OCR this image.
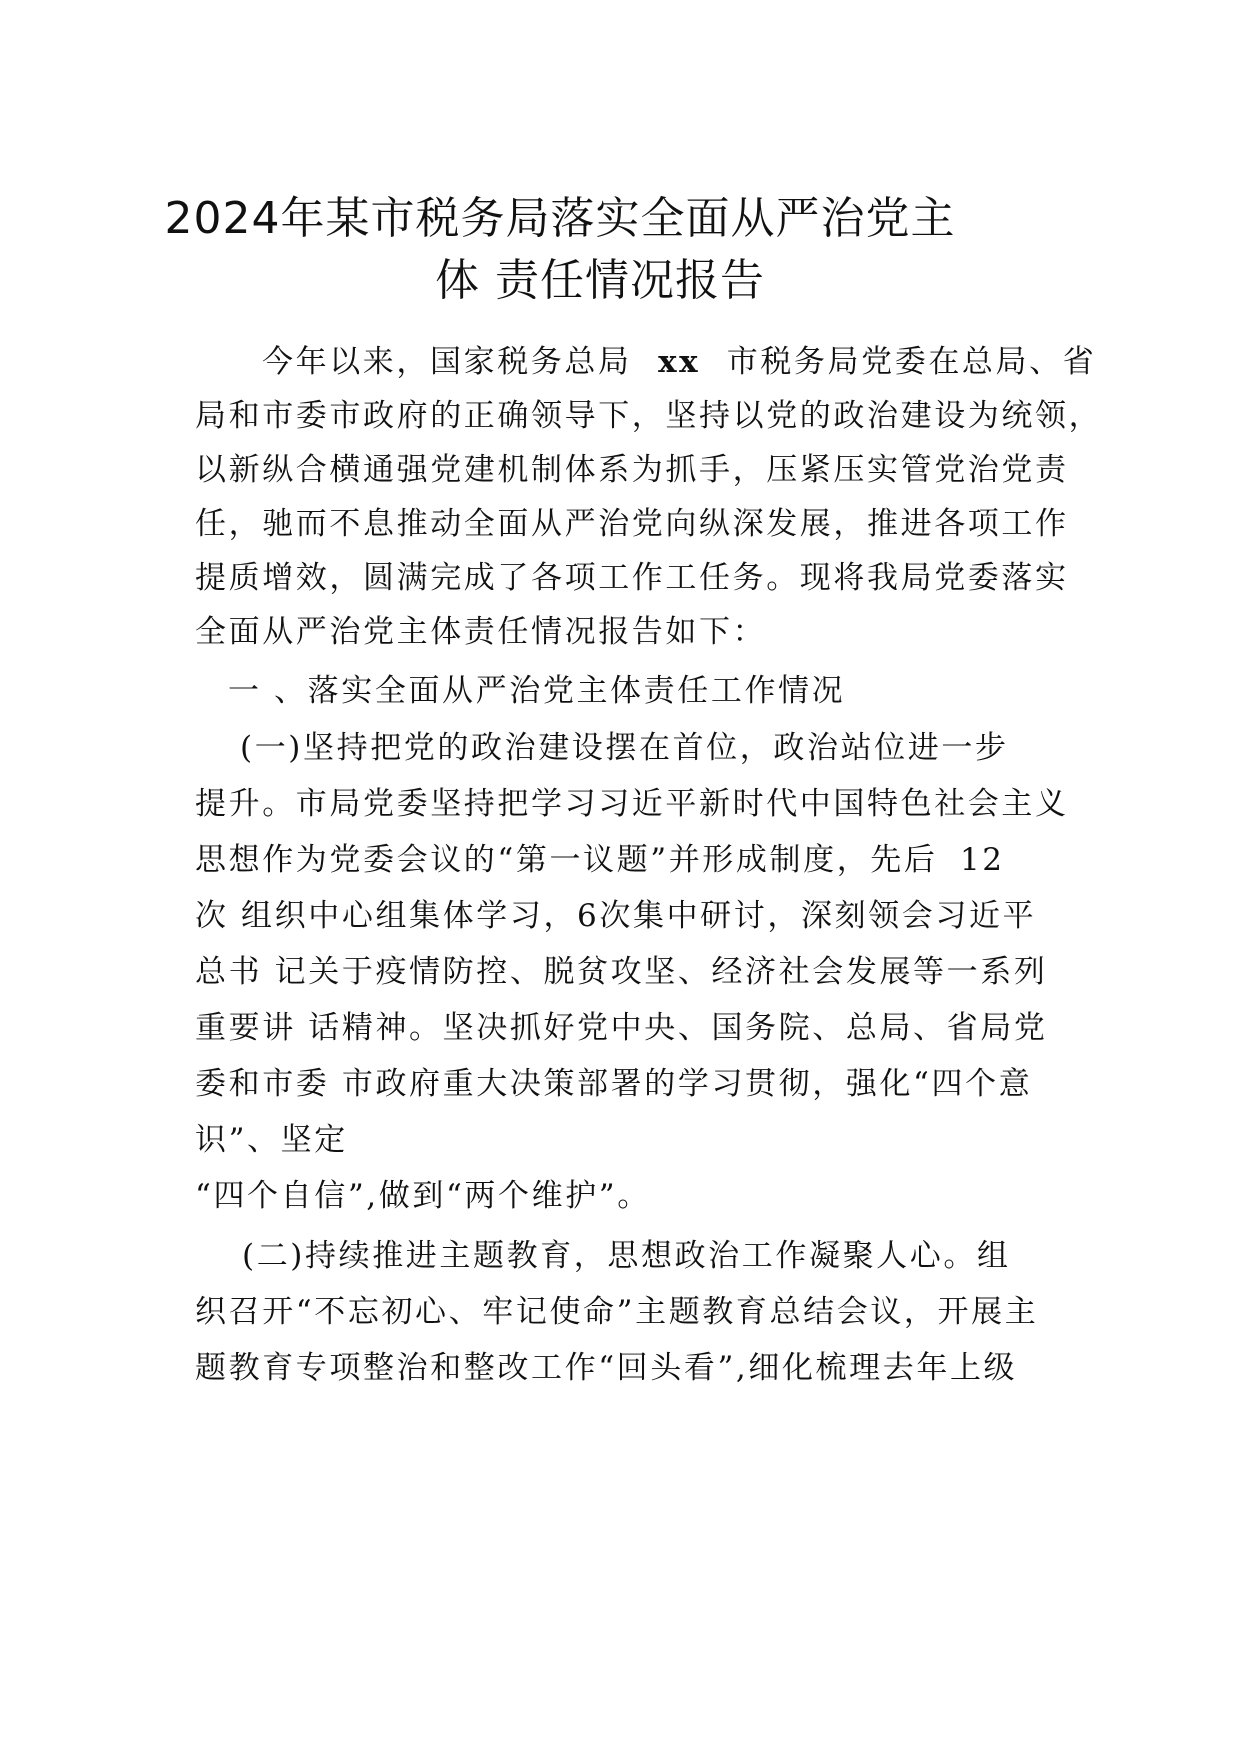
2024年某市税务局落实全面从严治党主
体 责任情况报告

今年以来，国家税务总局 xx 市税务局党委在总局、省

局和市委市政府的正确领导下，坚持以党的政治建设为统领，

以新纵合横通强党建机制体系为抓手，压紧压实管党治党责

任，驰而不息推动全面从严治党向纵深发展，推进各项工作

提质增效，圆满完成了各项工作工任务。现将我局党委落实

全面从严治党主体责任情况报告如下：

一 、落实全面从严治党主体责任工作情况

(一)坚持把党的政治建设摆在首位，政治站位进一步

提升。市局党委坚持把学习习近平新时代中国特色社会主义

思想作为党委会议的“第一议题”并形成制度，先后 12

次 组织中心组集体学习，6次集中研讨，深刻领会习近平

总书 记关于疫情防控、脱贫攻坚、经济社会发展等一系列

重要讲 话精神。坚决抓好党中央、国务院、总局、省局党

委和市委 市政府重大决策部署的学习贯彻，强化“四个意

识”、坚定

“四个自信”,做到“两个维护”。

(二)持续推进主题教育，思想政治工作凝聚人心。组

织召开“不忘初心、牢记使命”主题教育总结会议，开展主

题教育专项整治和整改工作“回头看”,细化梳理去年上级
